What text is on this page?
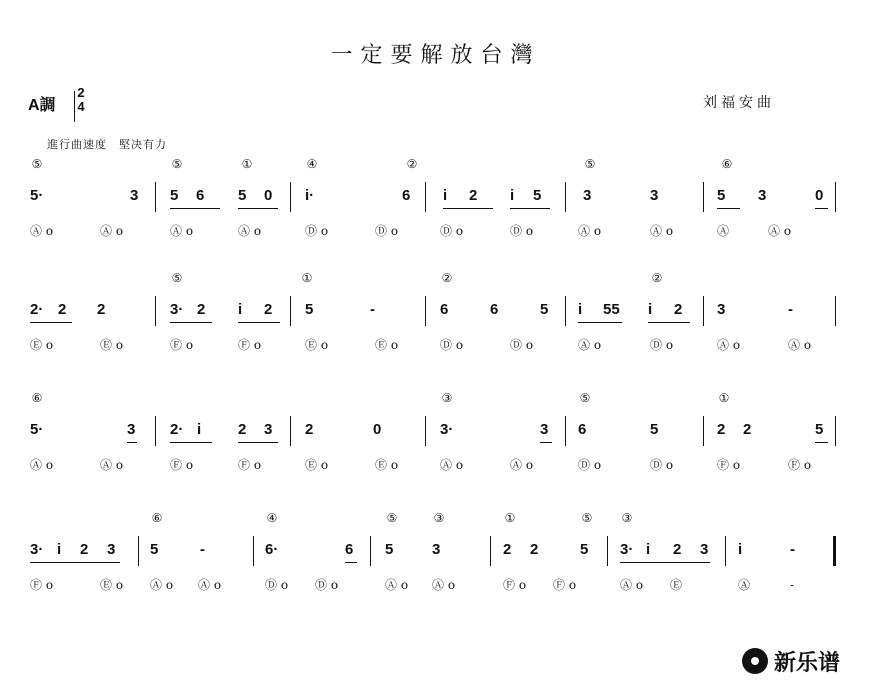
一定要解放台灣
A調
2
4	刘福安曲
進行曲速度　堅决有力
⑤	⑤	①	④	②	⑤	⑥
5·	3 5 6 5 0 i·	6 i 2 i 5	3	3	5 3	0
Ⓐ o	Ⓐ o	Ⓐ o	Ⓐ o	Ⓓ o	Ⓓ o	Ⓓ o	Ⓓ o	Ⓐ o	Ⓐ o	Ⓐ	Ⓐ o
⑤	①	②	②
2· 2 2	3· 2 i 2 5	-	6	6	5 i 55 i 2 3	-
Ⓔ o	Ⓔ o	Ⓕ o	Ⓕ o	Ⓔ o	Ⓔ o	Ⓓ o	Ⓓ o	Ⓐ o	Ⓓ o	Ⓐ o	Ⓐ o
⑥	③	⑤	①
5·	3 2· i 2 3 2	0	3·	3 6	5	2 2	5
Ⓐ o	Ⓐ o	Ⓕ o	Ⓕ o	Ⓔ o	Ⓔ o	Ⓐ o	Ⓐ o	Ⓓ o	Ⓓ o	Ⓕ o	Ⓕ o
⑥	④	⑤	③	①	⑤ ③
3· i 2 3 5	-	6·	6 5	3	2 2	5 3· i 2 3 i	-
Ⓕ o	Ⓔ o Ⓐ o Ⓐ o	Ⓓ o Ⓓ o	Ⓐ o Ⓐ o	Ⓕ o Ⓕ o	Ⓐ o Ⓔ	Ⓐ	-
新乐谱
